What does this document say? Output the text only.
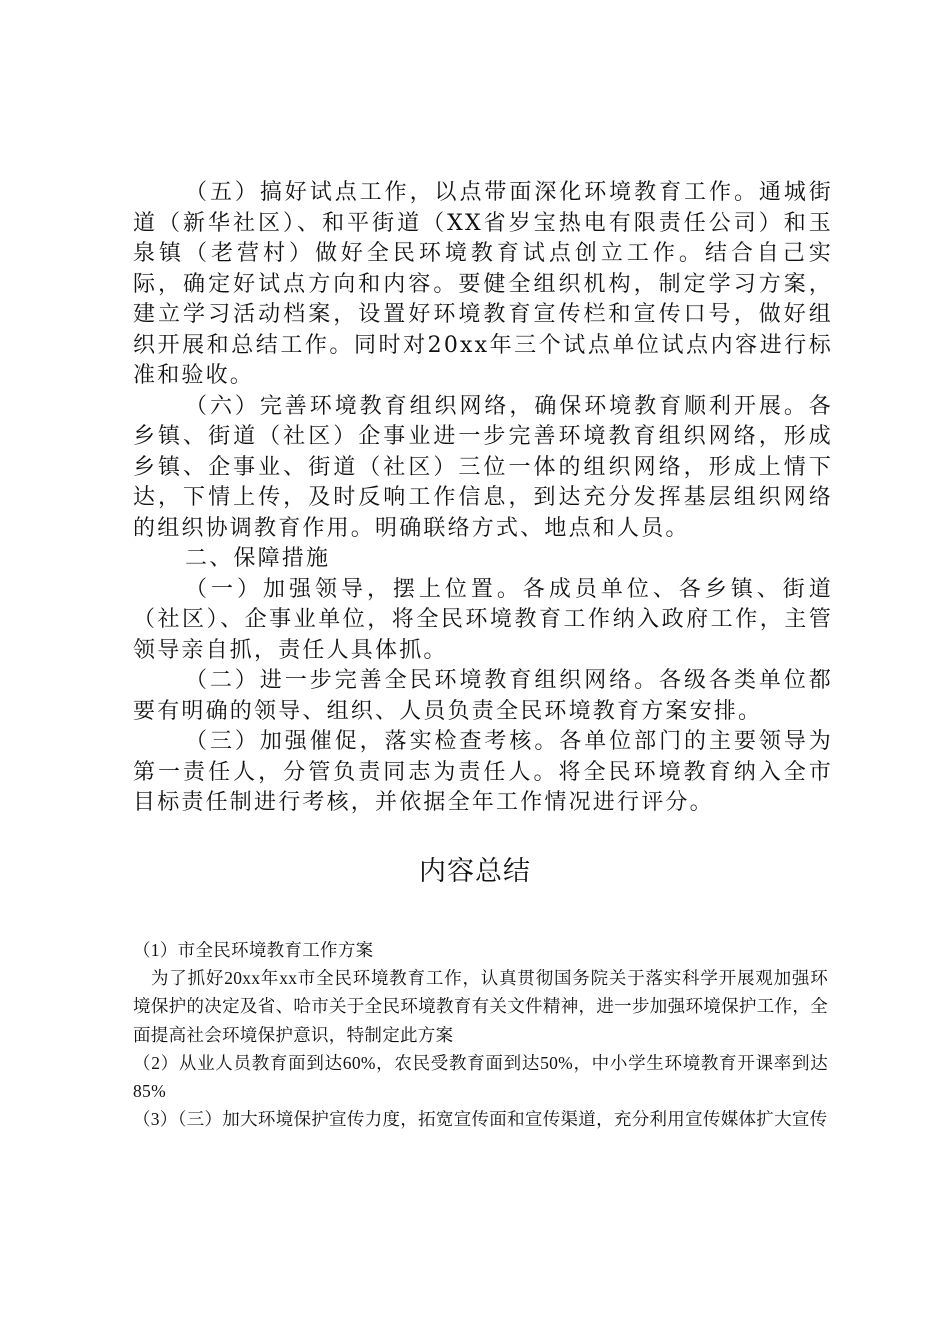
（五）搞好试点工作，以点带面深化环境教育工作。通城街道（新华社区）、和平街道（XX省岁宝热电有限责任公司）和玉泉镇（老营村）做好全民环境教育试点创立工作。结合自己实际，确定好试点方向和内容。要健全组织机构，制定学习方案，建立学习活动档案，设置好环境教育宣传栏和宣传口号，做好组织开展和总结工作。同时对20xx年三个试点单位试点内容进行标准和验收。

（六）完善环境教育组织网络，确保环境教育顺利开展。各乡镇、街道（社区）企事业进一步完善环境教育组织网络，形成乡镇、企事业、街道（社区）三位一体的组织网络，形成上情下达，下情上传，及时反响工作信息，到达充分发挥基层组织网络的组织协调教育作用。明确联络方式、地点和人员。

二、保障措施

（一）加强领导，摆上位置。各成员单位、各乡镇、街道（社区）、企事业单位，将全民环境教育工作纳入政府工作，主管领导亲自抓，责任人具体抓。

（二）进一步完善全民环境教育组织网络。各级各类单位都要有明确的领导、组织、人员负责全民环境教育方案安排。

（三）加强催促，落实检查考核。各单位部门的主要领导为第一责任人，分管负责同志为责任人。将全民环境教育纳入全市目标责任制进行考核，并依据全年工作情况进行评分。

内容总结

（1）市全民环境教育工作方案

为了抓好20xx年xx市全民环境教育工作，认真贯彻国务院关于落实科学开展观加强环境保护的决定及省、哈市关于全民环境教育有关文件精神，进一步加强环境保护工作，全面提高社会环境保护意识，特制定此方案

（2）从业人员教育面到达60%，农民受教育面到达50%，中小学生环境教育开课率到达85%

（3）（三）加大环境保护宣传力度，拓宽宣传面和宣传渠道，充分利用宣传媒体扩大宣传
